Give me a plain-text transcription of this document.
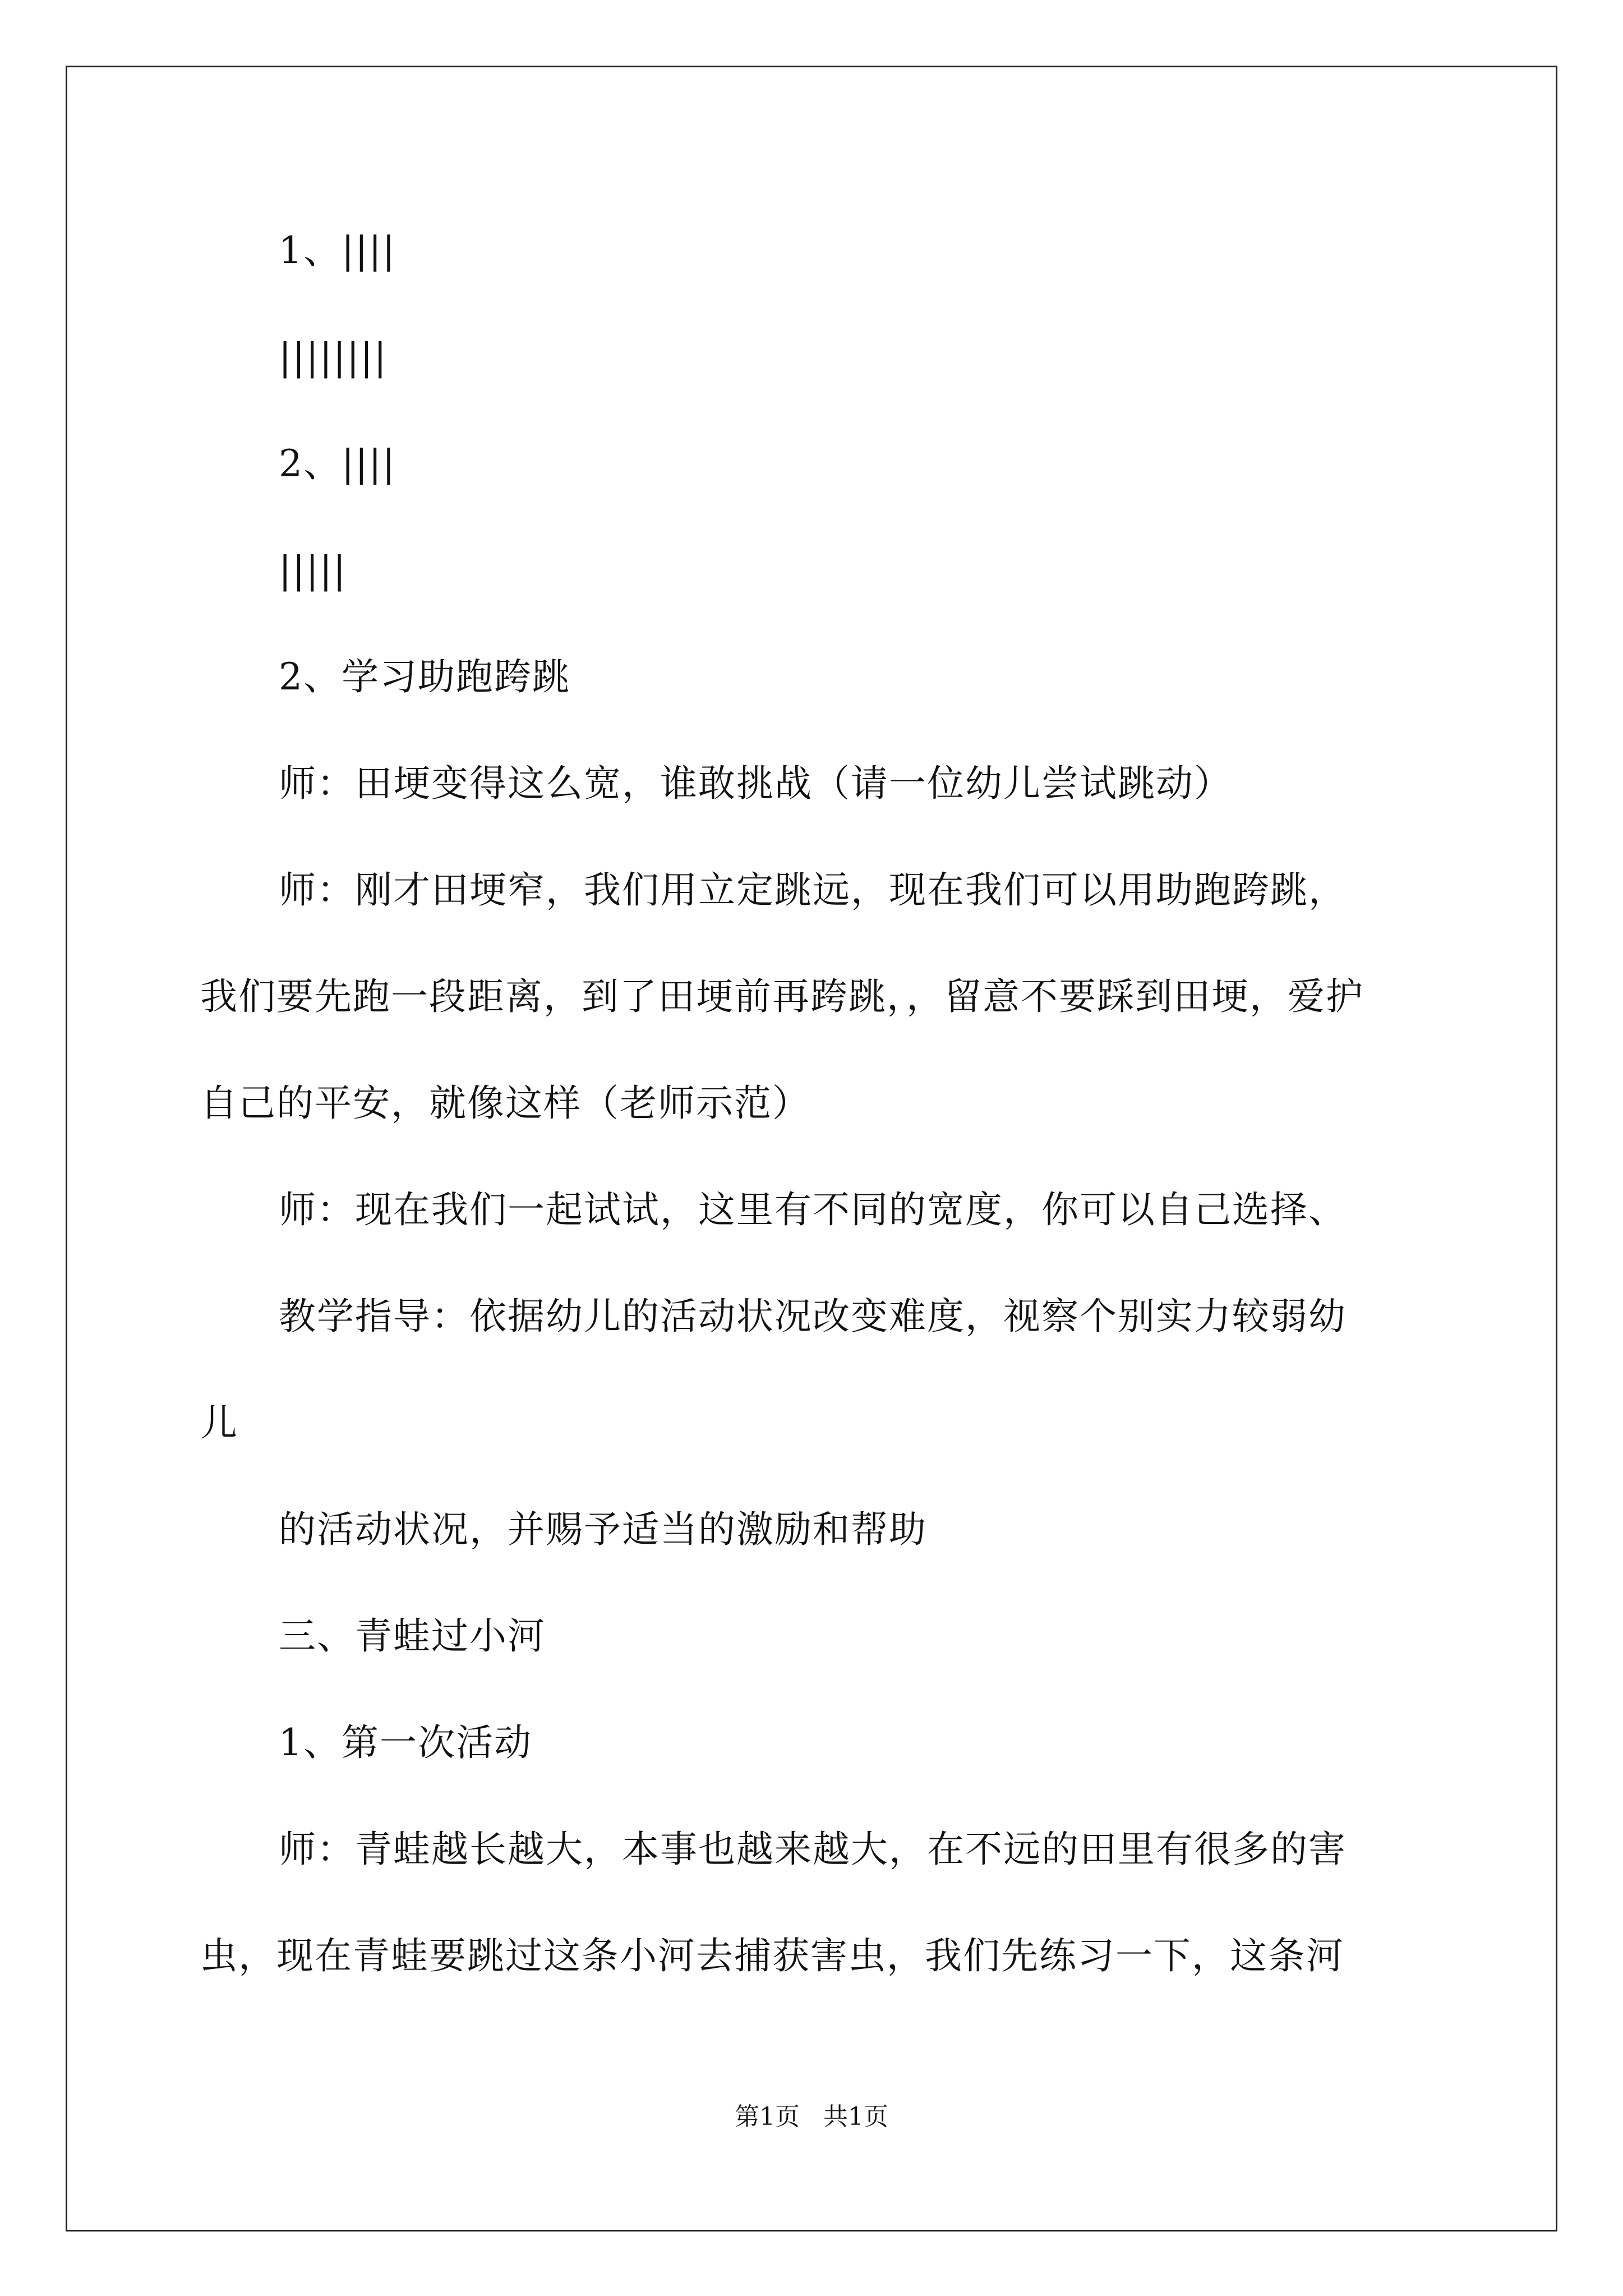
1、||||
||||||||
2、||||
|||||
2、学习助跑跨跳
师：田埂变得这么宽，谁敢挑战（请一位幼儿尝试跳动）
师：刚才田埂窄，我们用立定跳远，现在我们可以用助跑跨跳，
我们要先跑一段距离，到了田埂前再跨跳，，留意不要踩到田埂，爱护
自己的平安，就像这样（老师示范）
师：现在我们一起试试，这里有不同的宽度，你可以自己选择、
教学指导：依据幼儿的活动状况改变难度，视察个别实力较弱幼
儿
的活动状况，并赐予适当的激励和帮助
三、青蛙过小河
1、第一次活动
师：青蛙越长越大，本事也越来越大，在不远的田里有很多的害
虫，现在青蛙要跳过这条小河去捕获害虫，我们先练习一下，这条河
第1页   共1页
